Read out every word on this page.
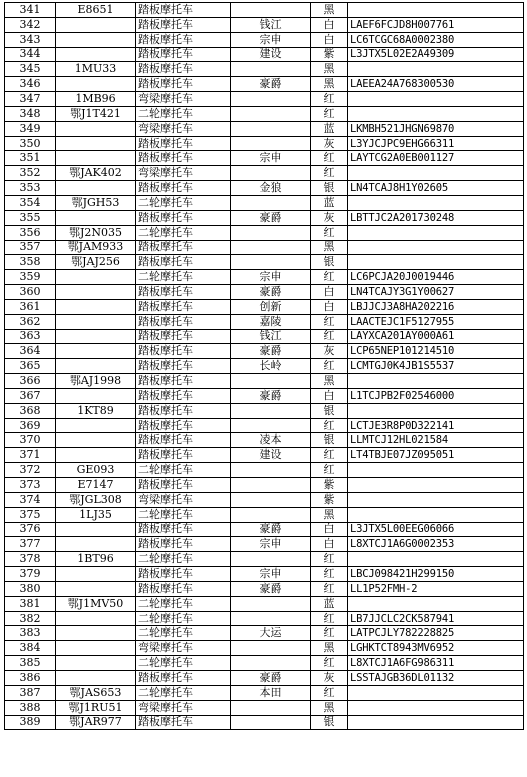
341	E8651	踏板摩托车		黑	
342		踏板摩托车	钱江	白	LAEF6FCJD8H007761
343		踏板摩托车	宗申	白	LC6TCGC68A0002380
344		踏板摩托车	建设	紫	L3JTX5L02E2A49309
345	1MU33	踏板摩托车		黑	
346		踏板摩托车	豪爵	黑	LAEEA24A768300530
347	1MB96	弯梁摩托车		红	
348	鄂J1T421	二轮摩托车		红	
349		弯梁摩托车		蓝	LKMBH521JHGN69870
350		踏板摩托车		灰	L3YJCJPC9EHG66311
351		踏板摩托车	宗申	红	LAYTCG2A0EB001127
352	鄂JAK402	弯梁摩托车		红	
353		踏板摩托车	金狼	银	LN4TCAJ8H1Y02605
354	鄂JGH53	二轮摩托车		蓝	
355		踏板摩托车	豪爵	灰	LBTTJC2A201730248
356	鄂J2N035	二轮摩托车		红	
357	鄂JAM933	踏板摩托车		黑	
358	鄂JAJ256	踏板摩托车		银	
359		二轮摩托车	宗申	红	LC6PCJA20J0019446
360		踏板摩托车	豪爵	白	LN4TCAJY3G1Y00627
361		踏板摩托车	创新	白	LBJJCJ3A8HA202216
362		踏板摩托车	嘉陵	红	LAACTEJC1F5127955
363		踏板摩托车	钱江	红	LAYXCA201AY000A61
364		踏板摩托车	豪爵	灰	LCP65NEP101214510
365		踏板摩托车	长岭	红	LCMTGJ0K4JB1S5537
366	鄂AJ1998	踏板摩托车		黑	
367		踏板摩托车	豪爵	白	L1TCJPB2F02546000
368	1KT89	踏板摩托车		银	
369		踏板摩托车		红	LCTJE3R8P0D322141
370		踏板摩托车	凌本	银	LLMTCJ12HL021584
371		踏板摩托车	建设	红	LT4TBJE07JZ095051
372	GE093	二轮摩托车		红	
373	E7147	踏板摩托车		紫	
374	鄂JGL308	弯梁摩托车		紫	
375	1LJ35	二轮摩托车		黑	
376		踏板摩托车	豪爵	白	L3JTX5L00EEG06066
377		踏板摩托车	宗申	白	L8XTCJ1A6G0002353
378	1BT96	二轮摩托车		红	
379		踏板摩托车	宗申	红	LBCJ098421H299150
380		踏板摩托车	豪爵	红	LL1P52FMH-2
381	鄂J1MV50	二轮摩托车		蓝	
382		二轮摩托车		红	LB7JJCLC2CK587941
383		二轮摩托车	大运	红	LATPCJLY782228825
384		弯梁摩托车		黑	LGHKTCT8943MV6952
385		二轮摩托车		红	L8XTCJ1A6FG986311
386		踏板摩托车	豪爵	灰	LSSTAJGB36DL01132
387	鄂JAS653	二轮摩托车	本田	红	
388	鄂J1RU51	弯梁摩托车		黑	
389	鄂JAR977	踏板摩托车		银	
